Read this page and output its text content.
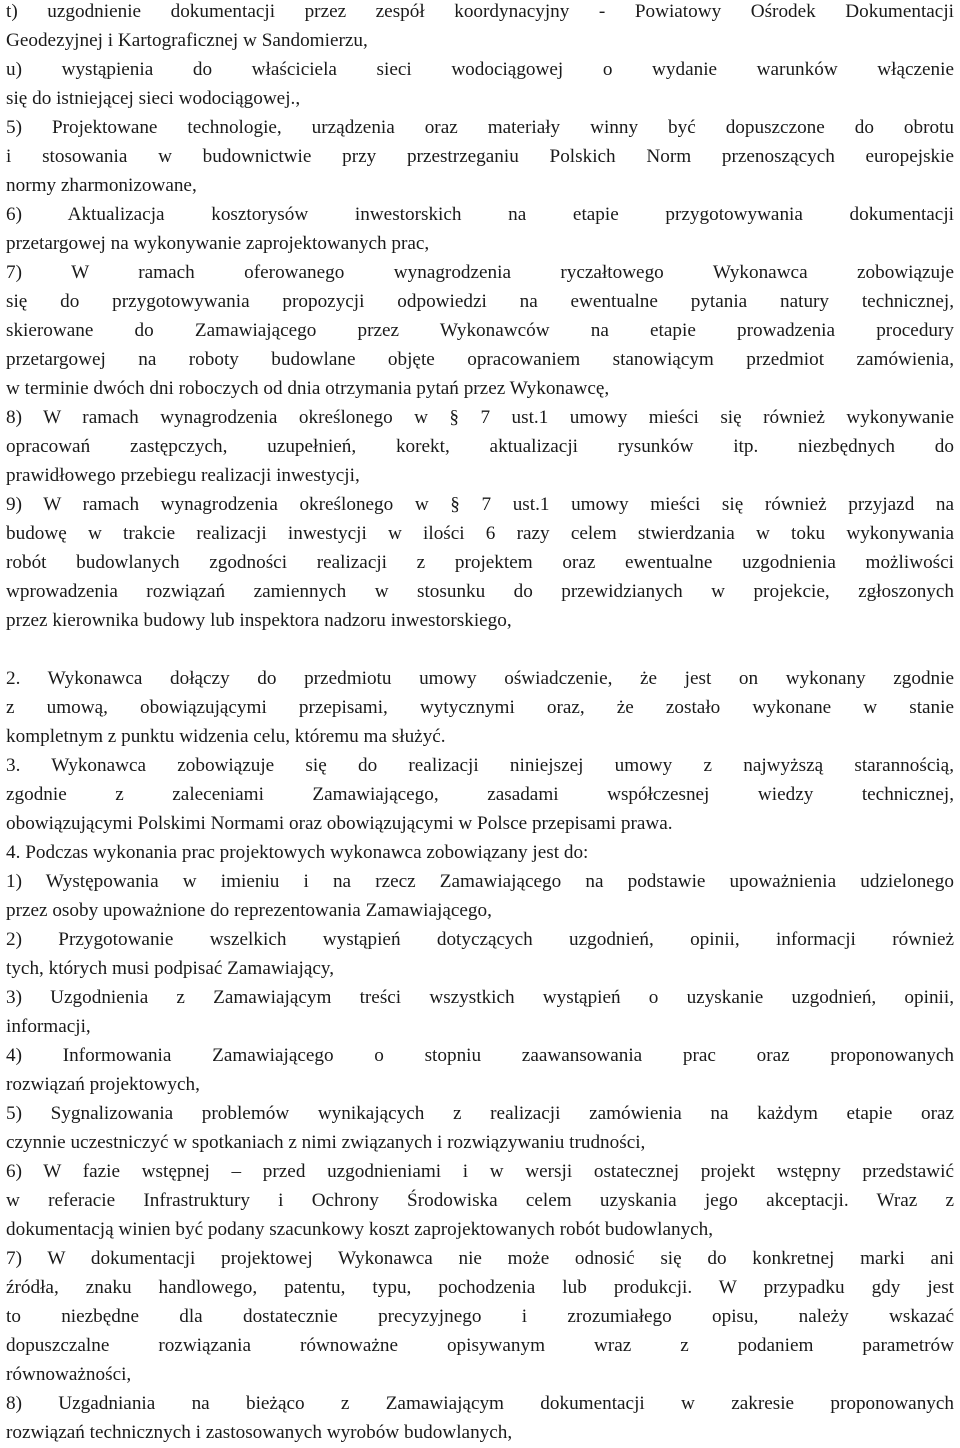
t) uzgodnienie dokumentacji przez zespół koordynacyjny - Powiatowy Ośrodek Dokumentacji
Geodezyjnej i Kartograficznej w Sandomierzu,
u) wystąpienia do właściciela sieci wodociągowej o wydanie warunków włączenie
się do istniejącej sieci wodociągowej.,
5) Projektowane technologie, urządzenia oraz materiały winny być dopuszczone do obrotu
i stosowania w budownictwie przy przestrzeganiu Polskich Norm przenoszących europejskie
normy zharmonizowane,
6) Aktualizacja kosztorysów inwestorskich na etapie przygotowywania dokumentacji
przetargowej na wykonywanie zaprojektowanych prac,
7) W ramach oferowanego wynagrodzenia ryczałtowego Wykonawca zobowiązuje
się do przygotowywania propozycji odpowiedzi na ewentualne pytania natury technicznej,
skierowane do Zamawiającego przez Wykonawców na etapie prowadzenia procedury
przetargowej na roboty budowlane objęte opracowaniem stanowiącym przedmiot zamówienia,
w terminie dwóch dni roboczych od dnia otrzymania pytań przez Wykonawcę,
8) W ramach wynagrodzenia określonego w § 7 ust.1 umowy mieści się również wykonywanie
opracowań zastępczych, uzupełnień, korekt, aktualizacji rysunków itp. niezbędnych do
prawidłowego przebiegu realizacji inwestycji,
9) W ramach wynagrodzenia określonego w § 7 ust.1 umowy mieści się również przyjazd na
budowę w trakcie realizacji inwestycji w ilości 6 razy celem stwierdzania w toku wykonywania
robót budowlanych zgodności realizacji z projektem oraz ewentualne uzgodnienia możliwości
wprowadzenia rozwiązań zamiennych w stosunku do przewidzianych w projekcie, zgłoszonych
przez kierownika budowy lub inspektora nadzoru inwestorskiego,
2. Wykonawca dołączy do przedmiotu umowy oświadczenie, że jest on wykonany zgodnie
z umową, obowiązującymi przepisami, wytycznymi oraz, że zostało wykonane w stanie
kompletnym z punktu widzenia celu, któremu ma służyć.
3. Wykonawca zobowiązuje się do realizacji niniejszej umowy z najwyższą starannością,
zgodnie z zaleceniami Zamawiającego, zasadami współczesnej wiedzy technicznej,
obowiązującymi Polskimi Normami oraz obowiązującymi w Polsce przepisami prawa.
4. Podczas wykonania prac projektowych wykonawca zobowiązany jest do:
1) Występowania w imieniu i na rzecz Zamawiającego na podstawie upoważnienia udzielonego
przez osoby upoważnione do reprezentowania Zamawiającego,
2) Przygotowanie wszelkich wystąpień dotyczących uzgodnień, opinii, informacji również
tych, których musi podpisać Zamawiający,
3) Uzgodnienia z Zamawiającym treści wszystkich wystąpień o uzyskanie uzgodnień, opinii,
informacji,
4) Informowania Zamawiającego o stopniu zaawansowania prac oraz proponowanych
rozwiązań projektowych,
5) Sygnalizowania problemów wynikających z realizacji zamówienia na każdym etapie oraz
czynnie uczestniczyć w spotkaniach z nimi związanych i rozwiązywaniu trudności,
6) W fazie wstępnej – przed uzgodnieniami i w wersji ostatecznej projekt wstępny przedstawić
w referacie Infrastruktury i Ochrony Środowiska celem uzyskania jego akceptacji. Wraz z
dokumentacją winien być podany szacunkowy koszt zaprojektowanych robót budowlanych,
7) W dokumentacji projektowej Wykonawca nie może odnosić się do konkretnej marki ani
źródła, znaku handlowego, patentu, typu, pochodzenia lub produkcji. W przypadku gdy jest
to niezbędne dla dostatecznie precyzyjnego i zrozumiałego opisu, należy wskazać
dopuszczalne rozwiązania równoważne opisywanym wraz z podaniem parametrów
równoważności,
8) Uzgadniania na bieżąco z Zamawiającym dokumentacji w zakresie proponowanych
rozwiązań technicznych i zastosowanych wyrobów budowlanych,
